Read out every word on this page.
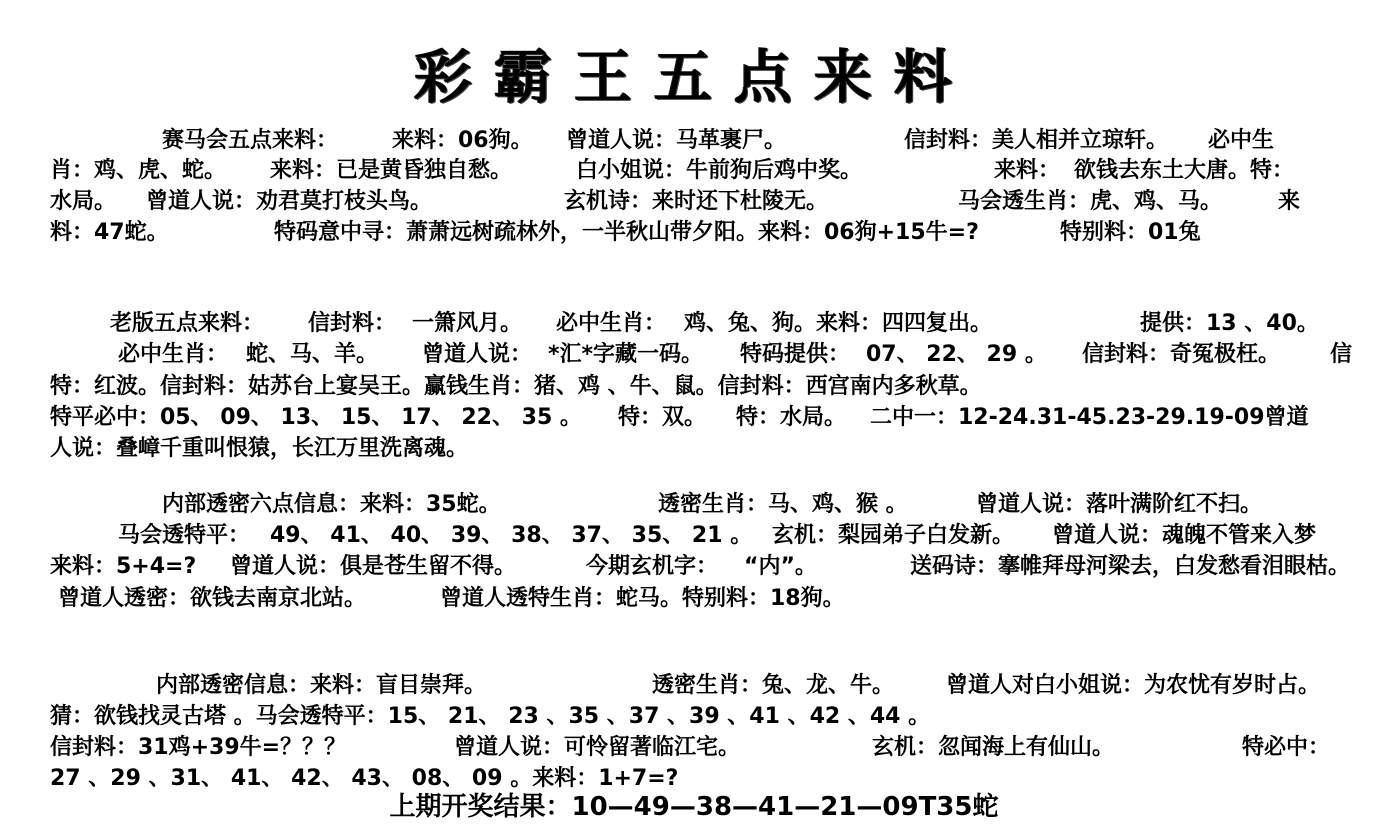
彩霸王五点来料
赛马会五点来料： 来料：06狗。 曾道人说：马革裹尸。	信封料：美人相并立琼轩。 必中生
肖：鸡、虎、蛇。 来料：已是黄昏独自愁。	白小姐说：牛前狗后鸡中奖。	来料： 欲钱去东土大唐。特：
水局。 曾道人说：劝君莫打枝头鸟。	玄机诗：来时还下杜陵无。	马会透生肖：虎、鸡、马。	来
料：47蛇。	特码意中寻：萧萧远树疏林外，一半秋山带夕阳。来料：06狗+15牛=?	特别料：01兔
老版五点来料： 信封料： 一箫风月。 必中生肖： 鸡、兔、狗。来料：四四复出。	提供：13 、40。
必中生肖： 蛇、马、羊。 曾道人说： *汇*字藏一码。 特码提供： 07、 22、 29 。 信封料：奇冤极枉。 信
特：红波。信封料：姑苏台上宴吴王。赢钱生肖：猪、鸡 、牛、鼠。信封料：西宫南内多秋草。
特平必中：05、 09、 13、 15、 17、 22、 35 。 特：双。 特：水局。 二中一：12-24.31-45.23-29.19-09曾道
人说：叠嶂千重叫恨猿，长江万里洗离魂。
内部透密六点信息：来料：35蛇。	透密生肖：马、鸡、猴 。	曾道人说：落叶满阶红不扫。
马会透特平： 49、 41、 40、 39、 38、 37、 35、 21 。 玄机：梨园弟子白发新。 曾道人说：魂魄不管来入梦
来料：5+4=? 曾道人说：俱是苍生留不得。	今期玄机字： “内”。	送码诗：搴帷拜母河梁去，白发愁看泪眼枯。
曾道人透密：欲钱去南京北站。	曾道人透特生肖：蛇马。特别料：18狗。
内部透密信息：来料：盲目崇拜。	透密生肖：兔、龙、牛。 曾道人对白小姐说：为农忧有岁时占。
猜：欲钱找灵古塔 。马会透特平：15、 21、 23 、35 、37 、39 、41 、42 、44 。
信封料：31鸡+39牛=？？？	曾道人说：可怜留著临江宅。	玄机：忽闻海上有仙山。	特必中：
27 、29 、31、 41、 42、 43、 08、 09 。来料：1+7=?
上期开奖结果：10—49—38—41—21—09T35蛇
